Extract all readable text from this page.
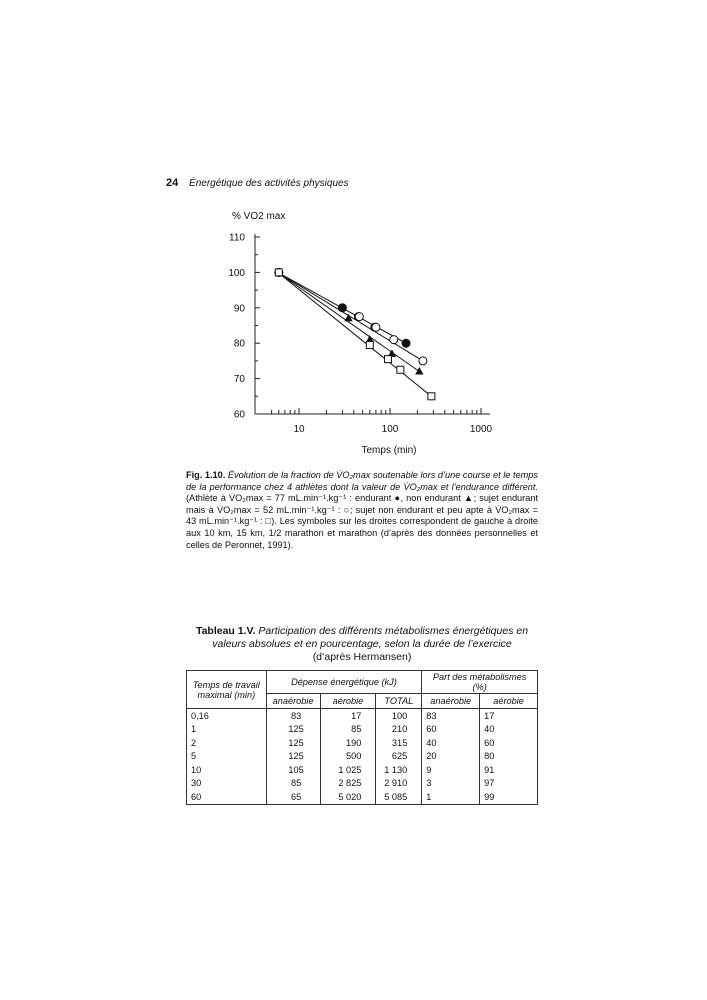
24 Énergétique des activités physiques
60
70
80
90
100
110
10	100	1000
% VO2 max
Temps (min)
Fig. 1.10. Évolution de la fraction de V̇O₂max soutenable lors d’une course et le temps de la performance chez 4 athlètes dont la valeur de V̇O₂max et l’endurance différent. (Athlète à V̇O₂max = 77 mL.min⁻¹.kg⁻¹ : endurant ●, non endurant ▲; sujet endurant mais à V̇O₂max = 52 mL.min⁻¹.kg⁻¹ : ○; sujet non endurant et peu apte à V̇O₂max = 43 mL.min⁻¹.kg⁻¹ : □). Les symboles sur les droites correspondent de gauche à droite aux 10 km, 15 km, 1/2 marathon et marathon (d’après des données personnelles et celles de Peronnet, 1991).
Tableau 1.V. Participation des différents métabolismes énergétiques en valeurs absolues et en pourcentage, selon la durée de l’exercice
(d’après Hermansen)
Temps de travail maximal (min)	Dépense énergétique (kJ)			Part des métabolismes (%)	
	anaérobie	aérobie	TOTAL	anaérobie	aérobie
0,16	83	17	100	83	17
1	125	85	210	60	40
2	125	190	315	40	60
5	125	500	625	20	80
10	105	1 025	1 130	9	91
30	85	2 825	2 910	3	97
60	65	5 020	5 085	1	99
